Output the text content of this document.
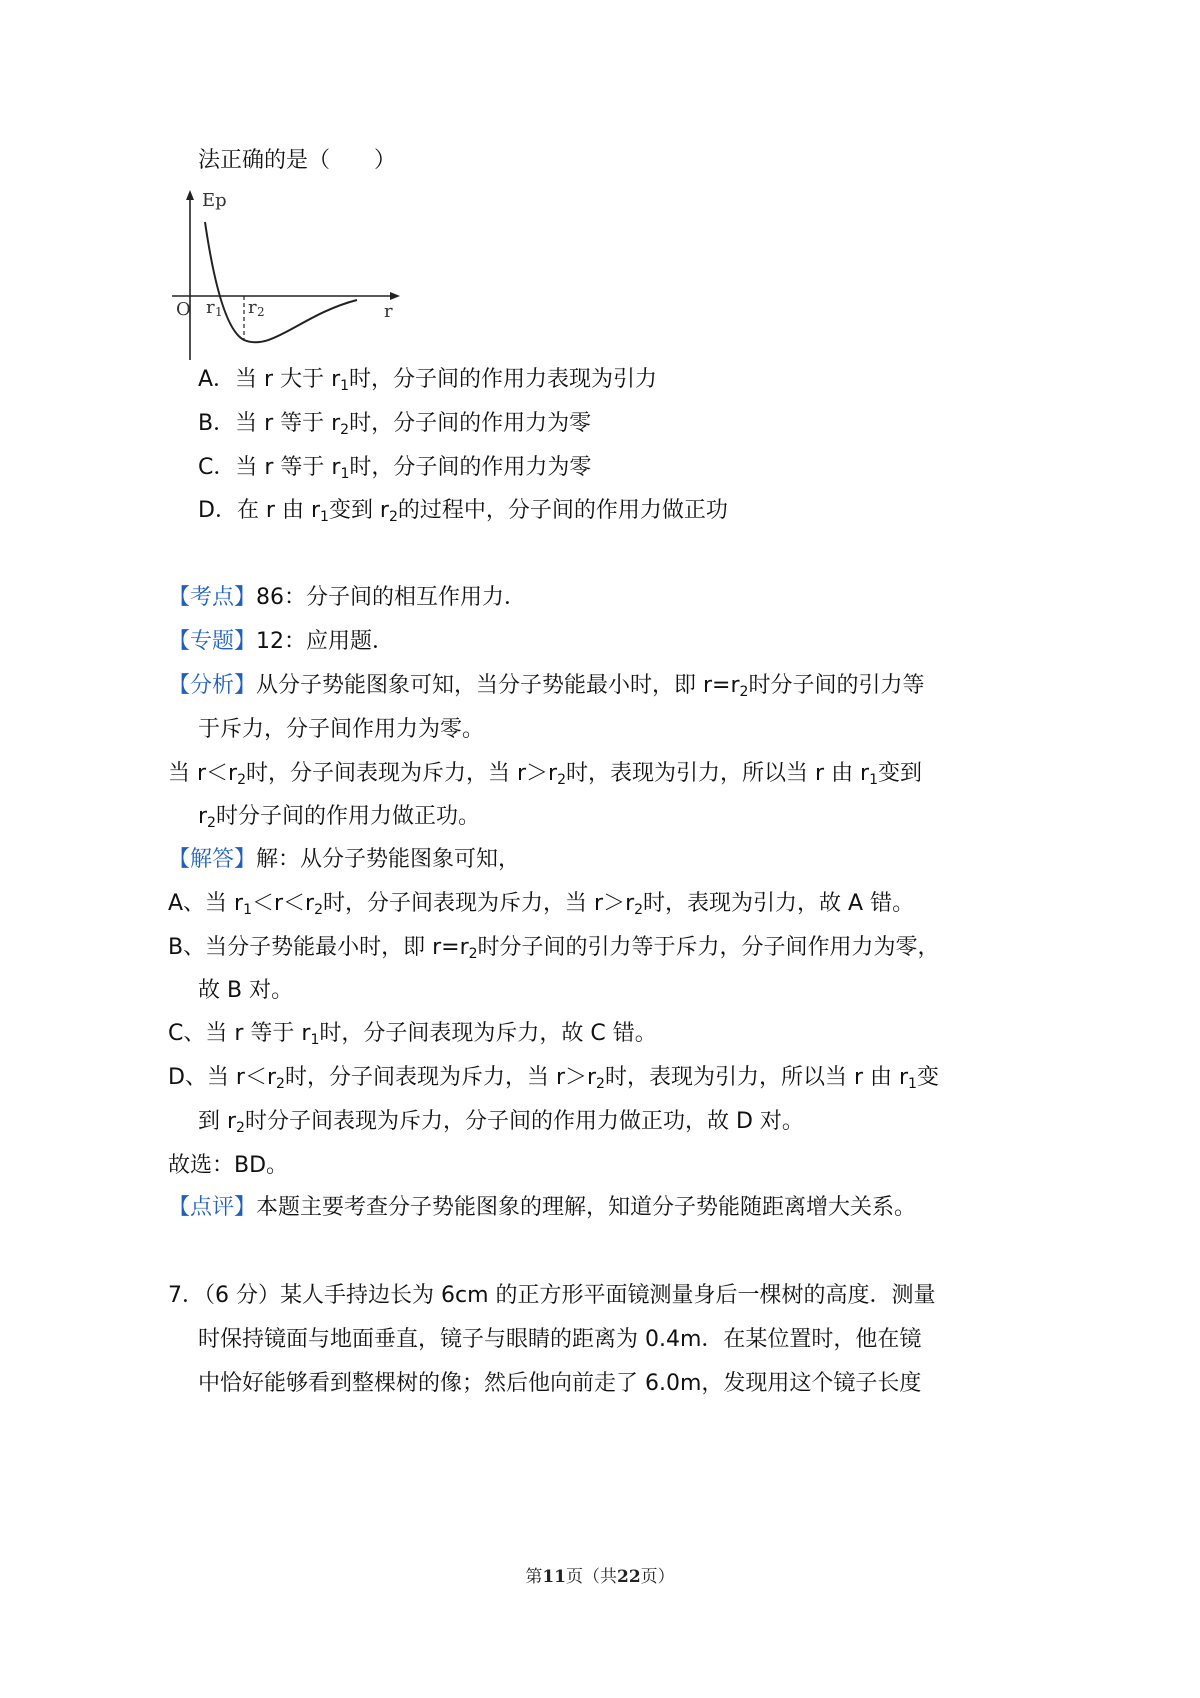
法正确的是（　　）
Ep
O	r
r 1 r 2
A．当 r 大于 $r_1$时，分子间的作用力表现为引力
B．当 r 等于 $r_2$时，分子间的作用力为零
C．当 r 等于 $r_1$时，分子间的作用力为零
D．在 r 由 $r_1$变到 $r_2$的过程中，分子间的作用力做正功
【考点】86：分子间的相互作用力．
【专题】12：应用题．
【分析】从分子势能图象可知，当分子势能最小时，即 $r=r_2$时分子间的引力等
于斥力，分子间作用力为零。
当 $r<r_2$时，分子间表现为斥力，当 $r>r_2$时，表现为引力，所以当 r 由 $r_1$变到
$r_2$时分子间的作用力做正功。
【解答】解：从分子势能图象可知，
A、当 $r_1<r<r_2$时，分子间表现为斥力，当 $r>r_2$时，表现为引力，故 A 错。
B、当分子势能最小时，即 $r=r_2$时分子间的引力等于斥力，分子间作用力为零，
故 B 对。
C、当 r 等于 $r_1$时，分子间表现为斥力，故 C 错。
D、当 $r<r_2$时，分子间表现为斥力，当 $r>r_2$时，表现为引力，所以当 r 由 $r_1$变
到 $r_2$时分子间表现为斥力，分子间的作用力做正功，故 D 对。
故选：BD。
【点评】本题主要考查分子势能图象的理解，知道分子势能随距离增大关系。
7．（6 分）某人手持边长为 6cm 的正方形平面镜测量身后一棵树的高度．测量
时保持镜面与地面垂直，镜子与眼睛的距离为 0.4m．在某位置时，他在镜
中恰好能够看到整棵树的像；然后他向前走了 6.0m，发现用这个镜子长度
第11页（共22页）
